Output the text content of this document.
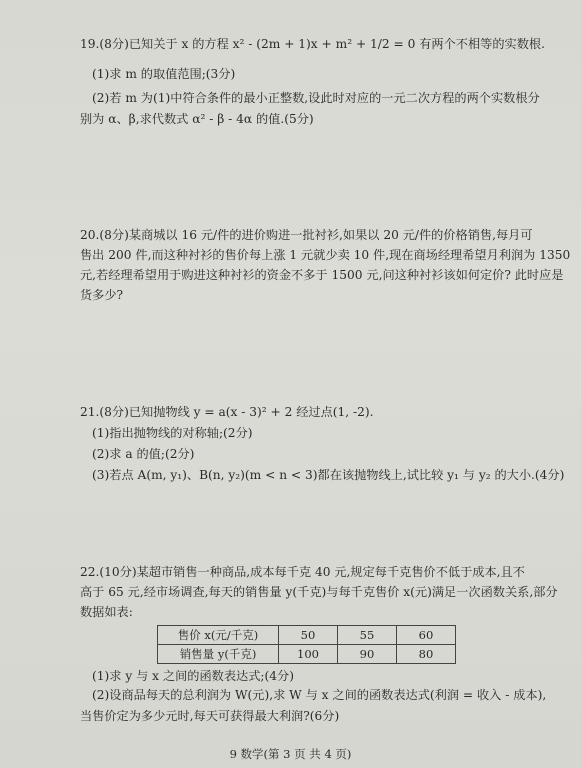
19.(8分)已知关于 x 的方程 x² - (2m + 1)x + m² + 1/2 = 0 有两个不相等的实数根.
(1)求 m 的取值范围;(3分)
(2)若 m 为(1)中符合条件的最小正整数,设此时对应的一元二次方程的两个实数根分
别为 α、β,求代数式 α² - β - 4α 的值.(5分)
20.(8分)某商城以 16 元/件的进价购进一批衬衫,如果以 20 元/件的价格销售,每月可
售出 200 件,而这种衬衫的售价每上涨 1 元就少卖 10 件,现在商场经理希望月利润为 1350
元,若经理希望用于购进这种衬衫的资金不多于 1500 元,问这种衬衫该如何定价? 此时应是
货多少?
21.(8分)已知抛物线 y = a(x - 3)² + 2 经过点(1, -2).
(1)指出抛物线的对称轴;(2分)
(2)求 a 的值;(2分)
(3)若点 A(m, y₁)、B(n, y₂)(m < n < 3)都在该抛物线上,试比较 y₁ 与 y₂ 的大小.(4分)
22.(10分)某超市销售一种商品,成本每千克 40 元,规定每千克售价不低于成本,且不
高于 65 元,经市场调查,每天的销售量 y(千克)与每千克售价 x(元)满足一次函数关系,部分
数据如表:
(1)求 y 与 x 之间的函数表达式;(4分)
(2)设商品每天的总利润为 W(元),求 W 与 x 之间的函数表达式(利润 = 收入 - 成本),
当售价定为多少元时,每天可获得最大利润?(6分)
售价 x(元/千克)	50	55	60
销售量 y(千克)	100	90	80
9 数学(第 3 页 共 4 页)
